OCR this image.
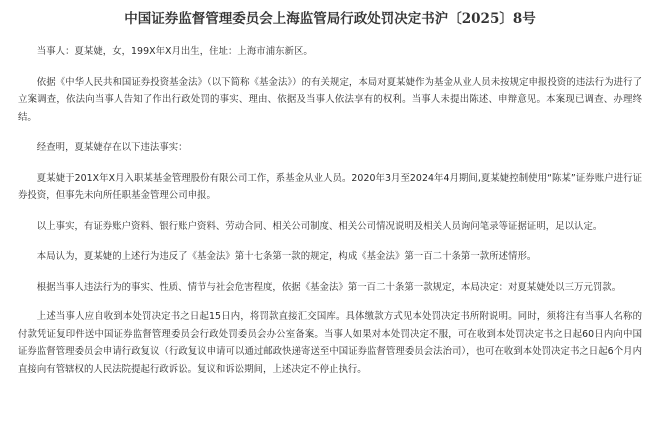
中国证券监督管理委员会上海监管局行政处罚决定书沪〔2025〕8号

当事人：夏某婕，女，199X年X月出生，住址：上海市浦东新区。

依据《中华人民共和国证券投资基金法》（以下简称《基金法》）的有关规定，本局对夏某婕作为基金从业人员未按规定申报投资的违法行为进行了立案调查，依法向当事人告知了作出行政处罚的事实、理由、依据及当事人依法享有的权利。当事人未提出陈述、申辩意见。本案现已调查、办理终结。

经查明，夏某婕存在以下违法事实：

夏某婕于201X年X月入职某基金管理股份有限公司工作，系基金从业人员。2020年3月至2024年4月期间,夏某婕控制使用“陈某”证券账户进行证券投资，但事先未向所任职基金管理公司申报。

以上事实，有证券账户资料、银行账户资料、劳动合同、相关公司制度、相关公司情况说明及相关人员询问笔录等证据证明，足以认定。

本局认为，夏某婕的上述行为违反了《基金法》第十七条第一款的规定，构成《基金法》第一百二十条第一款所述情形。

根据当事人违法行为的事实、性质、情节与社会危害程度，依据《基金法》第一百二十条第一款规定，本局决定：对夏某婕处以三万元罚款。

上述当事人应自收到本处罚决定书之日起15日内，将罚款直接汇交国库。具体缴款方式见本处罚决定书所附说明。同时，须将注有当事人名称的付款凭证复印件送中国证券监督管理委员会行政处罚委员会办公室备案。当事人如果对本处罚决定不服，可在收到本处罚决定书之日起60日内向中国证券监督管理委员会申请行政复议（行政复议申请可以通过邮政快递寄送至中国证券监督管理委员会法治司），也可在收到本处罚决定书之日起6个月内直接向有管辖权的人民法院提起行政诉讼。复议和诉讼期间，上述决定不停止执行。
